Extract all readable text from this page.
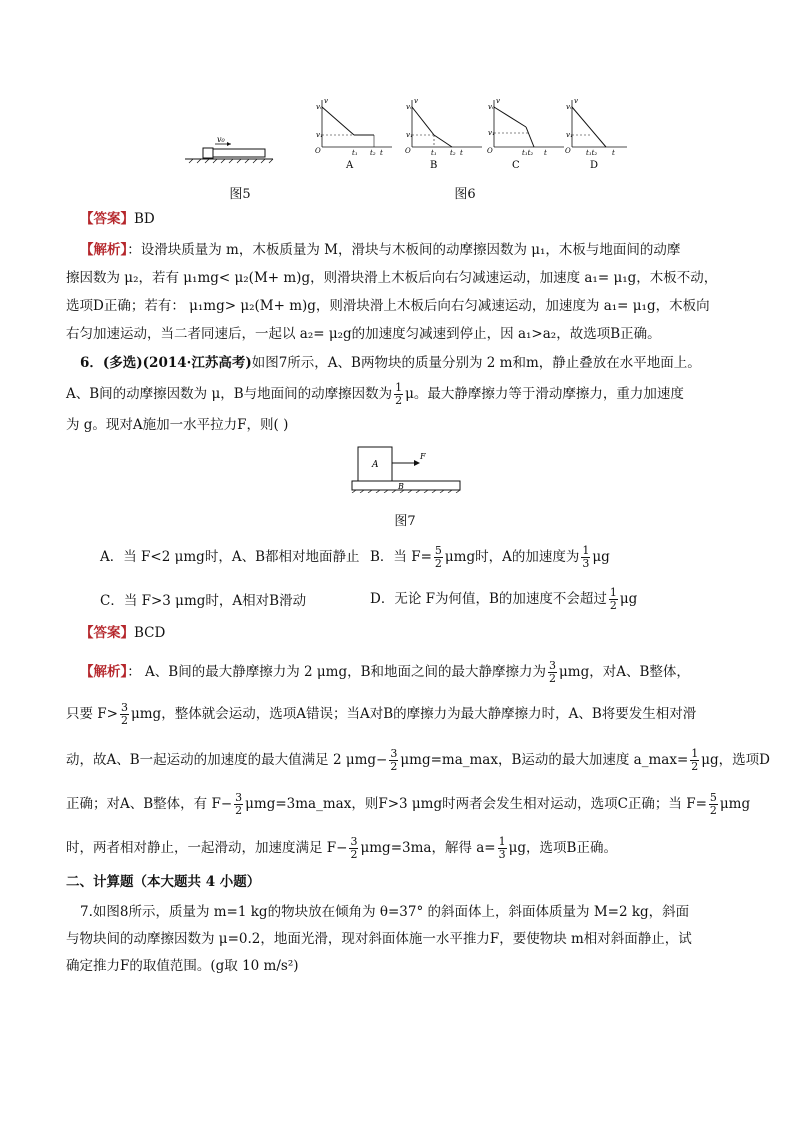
v₀
图5
v₀
v₁
v
O	t₁ t₂ t
A
v₀
v₁
v
O	t₁ t₂ t
B
v₀
v₁
v
O	t₁t₂ t
C
v₀
v₁
v
O t₁t₂ t
D
图6
【答案】BD
【解析】：设滑块质量为 m，木板质量为 M，滑块与木板间的动摩擦因数为 μ₁，木板与地面间的动摩
擦因数为 μ₂，若有 μ₁mg< μ₂(M+ m)g，则滑块滑上木板后向右匀减速运动，加速度 a₁= μ₁g，木板不动，
选项D正确；若有： μ₁mg> μ₂(M+ m)g，则滑块滑上木板后向右匀减速运动，加速度为 a₁= μ₁g，木板向
右匀加速运动，当二者同速后，一起以 a₂= μ₂g的加速度匀减速到停止，因 a₁>a₂，故选项B正确。
6．(多选)(2014·江苏高考)如图7所示，A、B两物块的质量分别为 2 m和m，静止叠放在水平地面上。
A、B间的动摩擦因数为 μ，B与地面间的动摩擦因数为 $\frac{1}{2}$ μ。最大静摩擦力等于滑动摩擦力，重力加速度
为 g。现对A施加一水平拉力F，则( )
A
B
F
图7
A．当 F<2 μmg时，A、B都相对地面静止 B．当 $F= \frac{5}{2}$ μmg时，A的加速度为 $\frac{1}{3}$ μg
C．当 F>3 μmg时，A相对B滑动	D．无论 F为何值，B的加速度不会超过 $\frac{1}{2}$ μg
【答案】BCD
【解析】： A、B间的最大静摩擦力为 2 μmg，B和地面之间的最大静摩擦力为 $\frac{3}{2}$ μmg，对A、B整体，
只要 $F> \frac{3}{2}$ μmg，整体就会运动，选项A错误；当A对B的摩擦力为最大静摩擦力时，A、B将要发生相对滑
动，故A、B一起运动的加速度的最大值满足 2 $\mu mg- \frac{3}{2}$ μmg=ma_max，B运动的最大加速度 a_max= $\frac{1}{2}$ μg，选项D
正确；对A、B整体，有 $F- \frac{3}{2}$ μmg=3ma_max，则F>3 μmg时两者会发生相对运动，选项C正确；当 $F= \frac{5}{2}$ μmg
时，两者相对静止，一起滑动，加速度满足 $F- \frac{3}{2} \mu mg=3ma$，解得 $a= \frac{1}{3}$ μg，选项B正确。
二、计算题（本大题共 4 小题）
7.如图8所示，质量为 m=1 kg的物块放在倾角为 θ=37° 的斜面体上，斜面体质量为 M=2 kg，斜面
与物块间的动摩擦因数为 μ=0.2，地面光滑，现对斜面体施一水平推力F，要使物块 m相对斜面静止，试
确定推力F的取值范围。(g取 10 m/s²)
